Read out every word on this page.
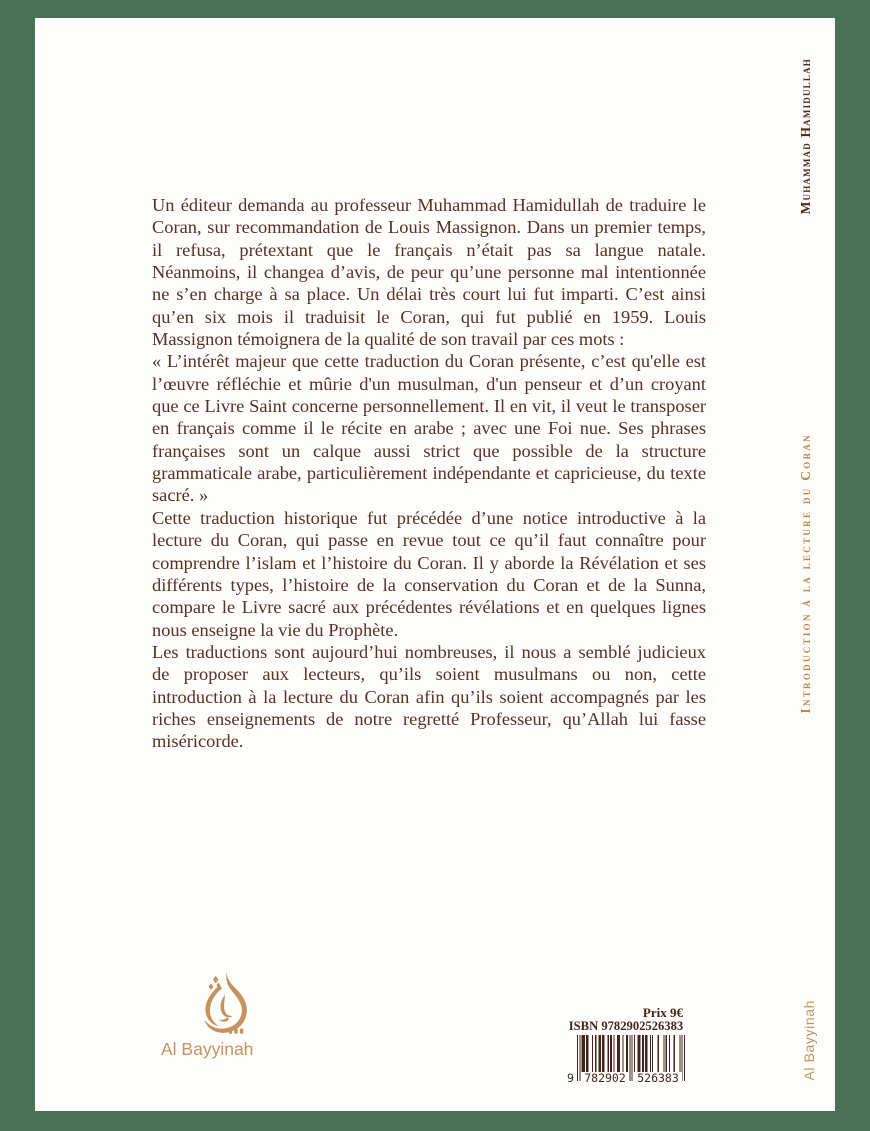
Un éditeur demanda au professeur Muhammad Hamidullah de traduire le Coran, sur recommandation de Louis Massignon. Dans un premier temps, il refusa, prétextant que le français n’était pas sa langue natale. Néanmoins, il changea d’avis, de peur qu’une personne mal intentionnée ne s’en charge à sa place. Un délai très court lui fut imparti. C’est ainsi qu’en six mois il traduisit le Coran, qui fut publié en 1959. Louis Massignon témoignera de la qualité de son travail par ces mots :

« L’intérêt majeur que cette traduction du Coran présente, c’est qu'elle est l’œuvre réfléchie et mûrie d'un musulman, d'un penseur et d’un croyant que ce Livre Saint concerne personnellement. Il en vit, il veut le transposer en français comme il le récite en arabe ; avec une Foi nue. Ses phrases françaises sont un calque aussi strict que possible de la structure grammaticale arabe, particulièrement indépendante et capricieuse, du texte sacré. »

Cette traduction historique fut précédée d’une notice introductive à la lecture du Coran, qui passe en revue tout ce qu’il faut connaître pour comprendre l’islam et l’histoire du Coran. Il y aborde la Révélation et ses différents types, l’histoire de la conservation du Coran et de la Sunna, compare le Livre sacré aux précédentes révélations et en quelques lignes nous enseigne la vie du Prophète.

Les traductions sont aujourd’hui nombreuses, il nous a semblé judicieux de proposer aux lecteurs, qu’ils soient musulmans ou non, cette introduction à la lecture du Coran afin qu’ils soient accompagnés par les riches enseignements de notre regretté Professeur, qu’Allah lui fasse miséricorde.

Al Bayyinah
Prix 9€
ISBN 9782902526383
9 782902 526383
Muhammad Hamidullah
Introduction à la lecture du Coran
Al Bayyinah
